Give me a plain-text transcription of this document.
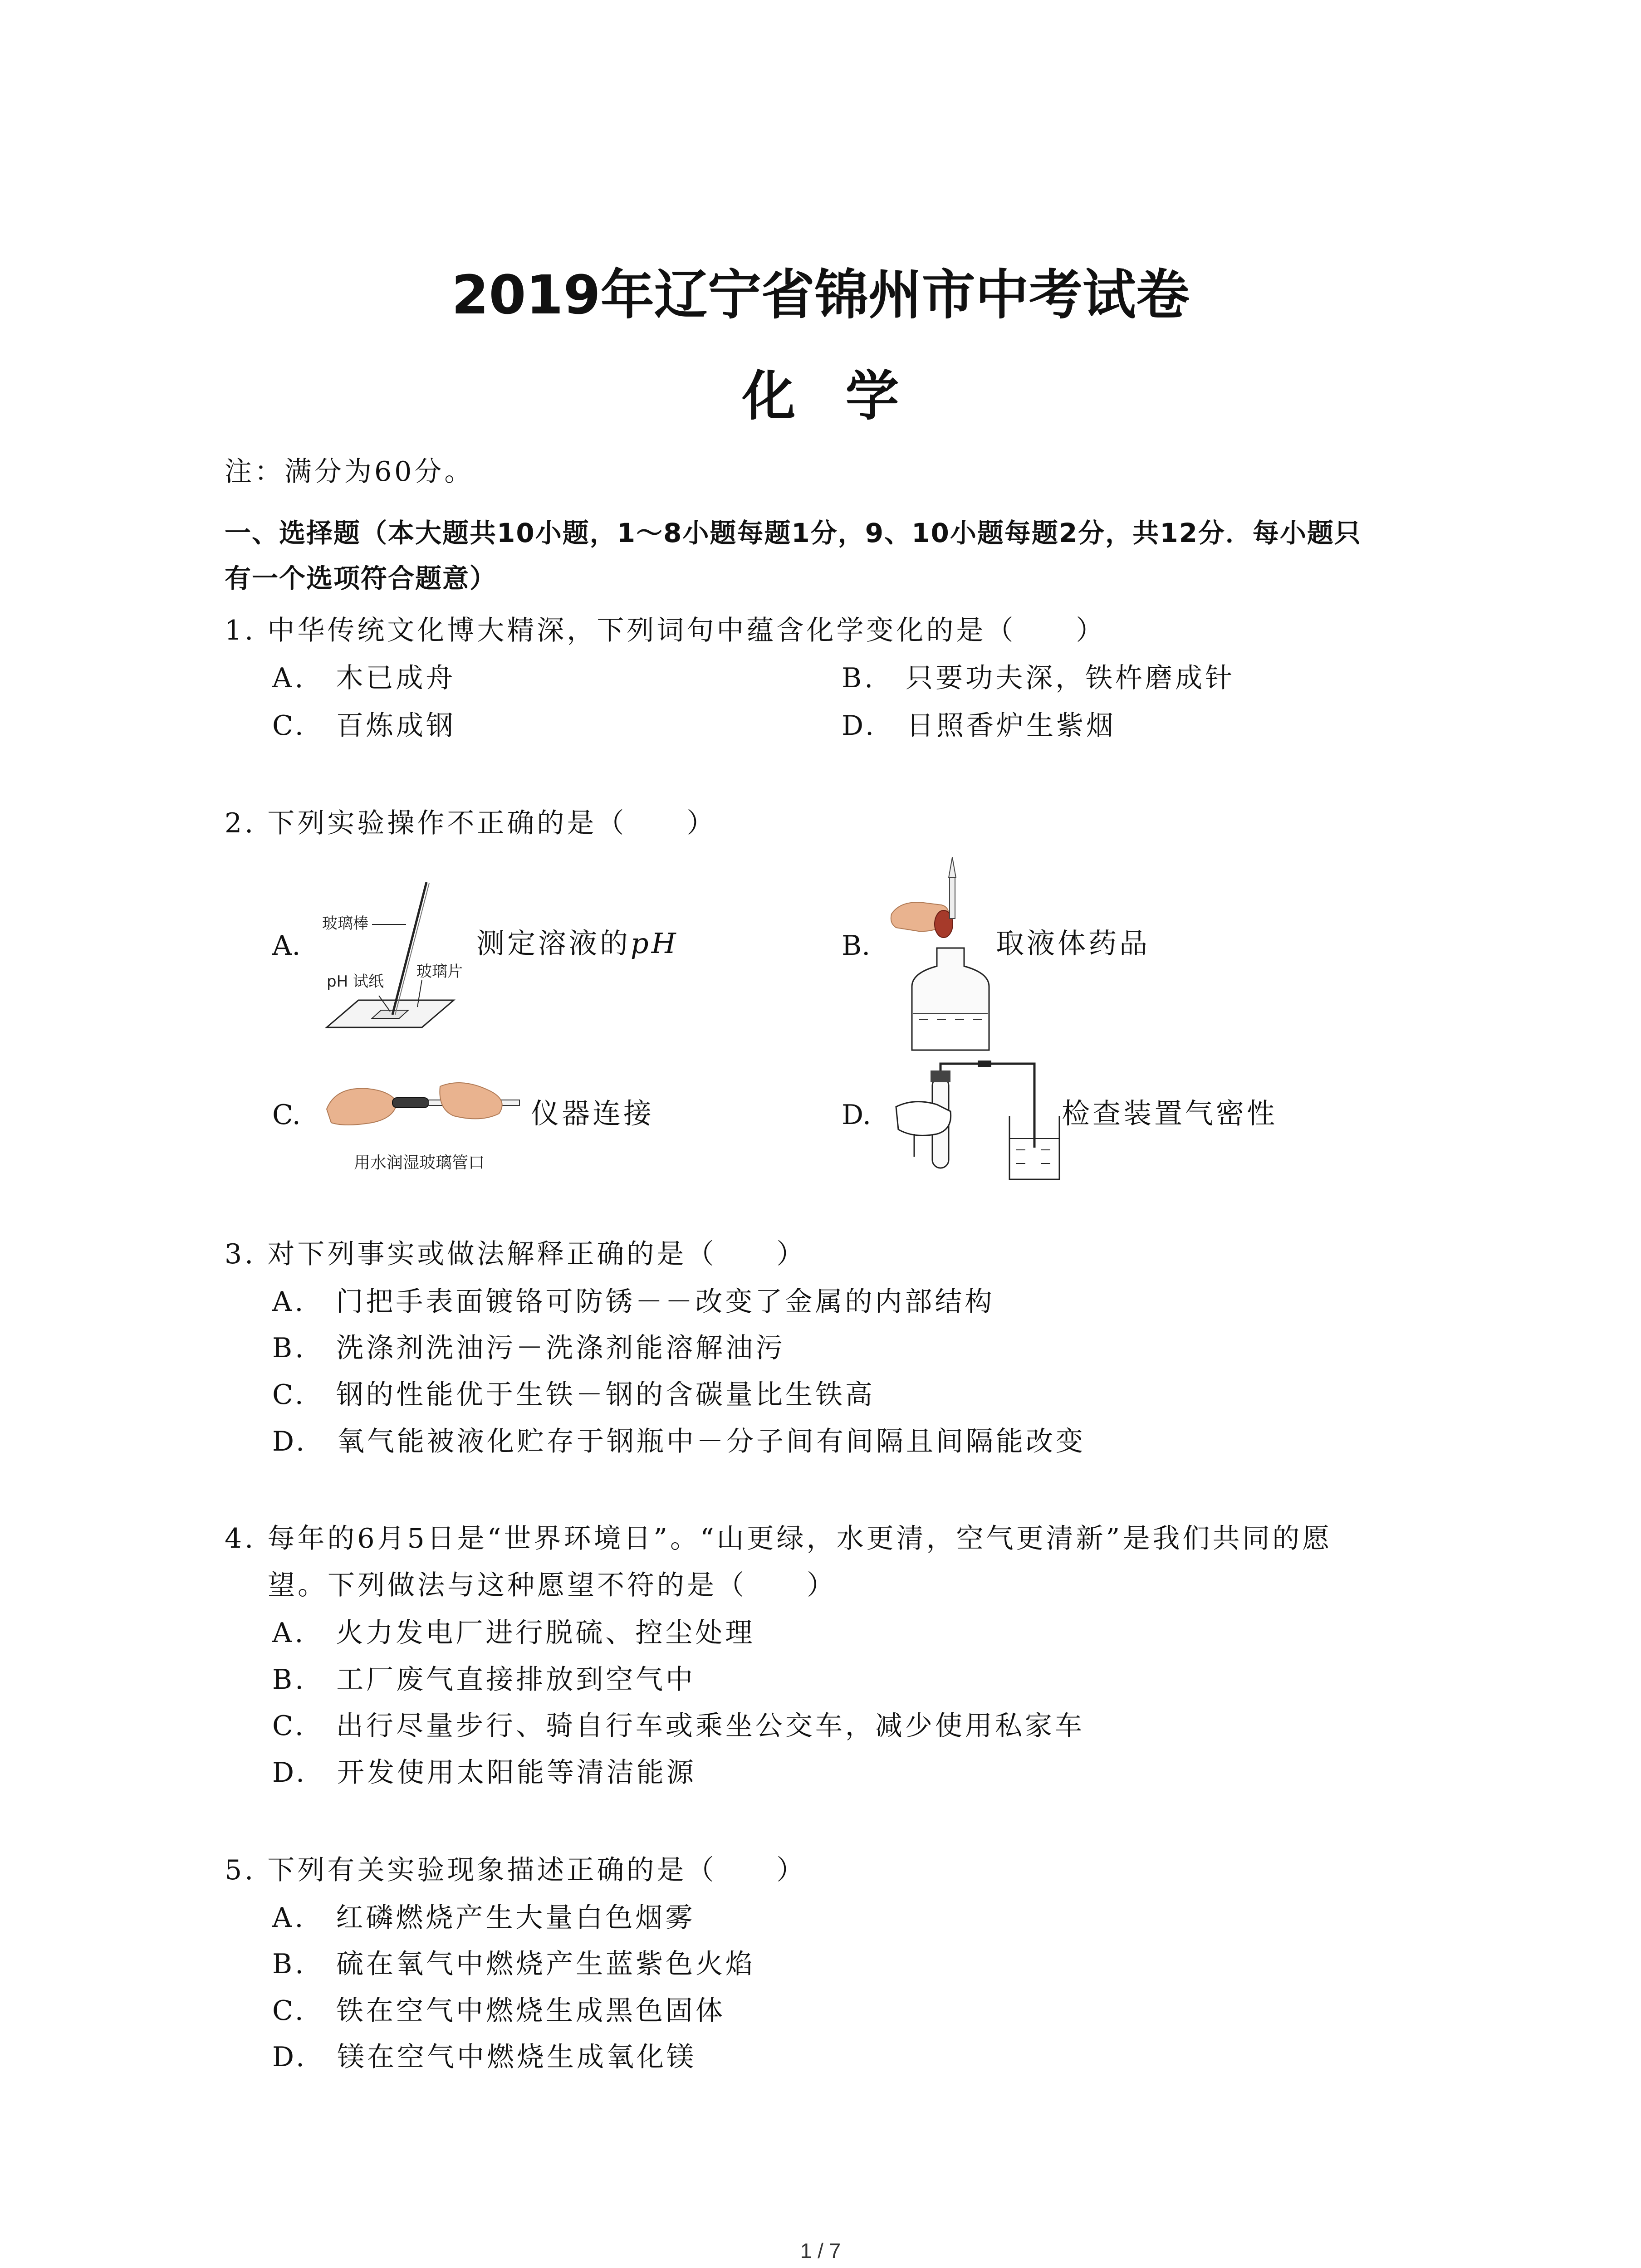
2019年辽宁省锦州市中考试卷
化学
注：满分为60分。
一、选择题（本大题共10小题，1～8小题每题1分，9、10小题每题2分，共12分．每小题只
有一个选项符合题意）
1. 中华传统文化博大精深，下列词句中蕴含化学变化的是（　　）
A.　木已成舟	B.　只要功夫深，铁杵磨成针
C.　百炼成钢	D.　日照香炉生紫烟
2. 下列实验操作不正确的是（　　）
A.
玻璃棒
pH 试纸
玻璃片
测定溶液的pH	B.	取液体药品
C.
用水润湿玻璃管口
仪器连接	D.	检查装置气密性
3. 对下列事实或做法解释正确的是（　　）
A.　门把手表面镀铬可防锈－－改变了金属的内部结构
B.　洗涤剂洗油污－洗涤剂能溶解油污
C.　钢的性能优于生铁－钢的含碳量比生铁高
D.　氧气能被液化贮存于钢瓶中－分子间有间隔且间隔能改变
4. 每年的6月5日是“世界环境日”。“山更绿，水更清，空气更清新”是我们共同的愿
望。下列做法与这种愿望不符的是（　　）
A.　火力发电厂进行脱硫、控尘处理
B.　工厂废气直接排放到空气中
C.　出行尽量步行、骑自行车或乘坐公交车，减少使用私家车
D.　开发使用太阳能等清洁能源
5. 下列有关实验现象描述正确的是（　　）
A.　红磷燃烧产生大量白色烟雾
B.　硫在氧气中燃烧产生蓝紫色火焰
C.　铁在空气中燃烧生成黑色固体
D.　镁在空气中燃烧生成氧化镁
1 / 7
